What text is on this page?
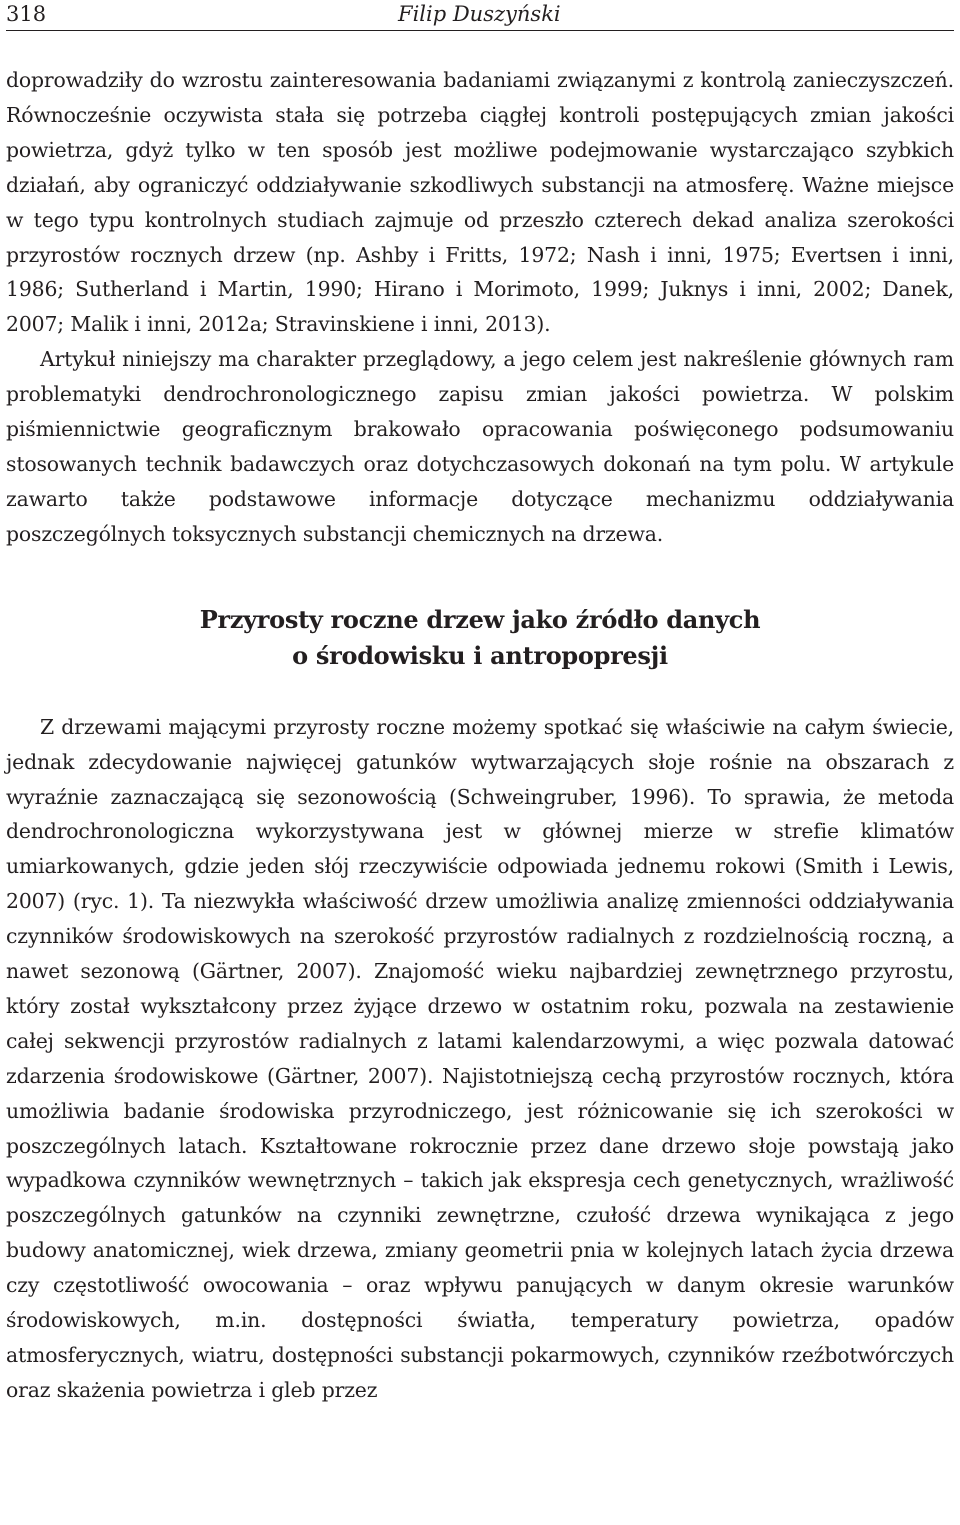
318	Filip Duszyński

doprowadziły do wzrostu zainteresowania badaniami związanymi z kontrolą zanieczyszczeń. Równocześnie oczywista stała się potrzeba ciągłej kontroli postępujących zmian jakości powietrza, gdyż tylko w ten sposób jest możliwe podejmowanie wystarczająco szybkich działań, aby ograniczyć oddziaływanie szkodliwych substancji na atmosferę. Ważne miejsce w tego typu kontrolnych studiach zajmuje od przeszło czterech dekad analiza szerokości przyrostów rocznych drzew (np. Ashby i Fritts, 1972; Nash i inni, 1975; Evertsen i inni, 1986; Sutherland i Martin, 1990; Hirano i Morimoto, 1999; Juknys i inni, 2002; Danek, 2007; Malik i inni, 2012a; Stravinskiene i inni, 2013).

Artykuł niniejszy ma charakter przeglądowy, a jego celem jest nakreślenie głównych ram problematyki dendrochronologicznego zapisu zmian jakości powietrza. W polskim piśmiennictwie geograficznym brakowało opracowania poświęconego podsumowaniu stosowanych technik badawczych oraz dotychczasowych dokonań na tym polu. W artykule zawarto także podstawowe informacje dotyczące mechanizmu oddziaływania poszczególnych toksycznych substancji chemicznych na drzewa.

Przyrosty roczne drzew jako źródło danych
o środowisku i antropopresji

Z drzewami mającymi przyrosty roczne możemy spotkać się właściwie na całym świecie, jednak zdecydowanie najwięcej gatunków wytwarzających słoje rośnie na obszarach z wyraźnie zaznaczającą się sezonowością (Schweingruber, 1996). To sprawia, że metoda dendrochronologiczna wykorzystywana jest w głównej mierze w strefie klimatów umiarkowanych, gdzie jeden słój rzeczywiście odpowiada jednemu rokowi (Smith i Lewis, 2007) (ryc. 1). Ta niezwykła właściwość drzew umożliwia analizę zmienności oddziaływania czynników środowiskowych na szerokość przyrostów radialnych z rozdzielnością roczną, a nawet sezonową (Gärtner, 2007). Znajomość wieku najbardziej zewnętrznego przyrostu, który został wykształcony przez żyjące drzewo w ostatnim roku, pozwala na zestawienie całej sekwencji przyrostów radialnych z latami kalendarzowymi, a więc pozwala datować zdarzenia środowiskowe (Gärtner, 2007). Najistotniejszą cechą przyrostów rocznych, która umożliwia badanie środowiska przyrodniczego, jest różnicowanie się ich szerokości w poszczególnych latach. Kształtowane rokrocznie przez dane drzewo słoje powstają jako wypadkowa czynników wewnętrznych – takich jak ekspresja cech genetycznych, wrażliwość poszczególnych gatunków na czynniki zewnętrzne, czułość drzewa wynikająca z jego budowy anatomicznej, wiek drzewa, zmiany geometrii pnia w kolejnych latach życia drzewa czy częstotliwość owocowania – oraz wpływu panujących w danym okresie warunków środowiskowych, m.in. dostępności światła, temperatury powietrza, opadów atmosferycznych, wiatru, dostępności substancji pokarmowych, czynników rzeźbotwórczych oraz skażenia powietrza i gleb przez
